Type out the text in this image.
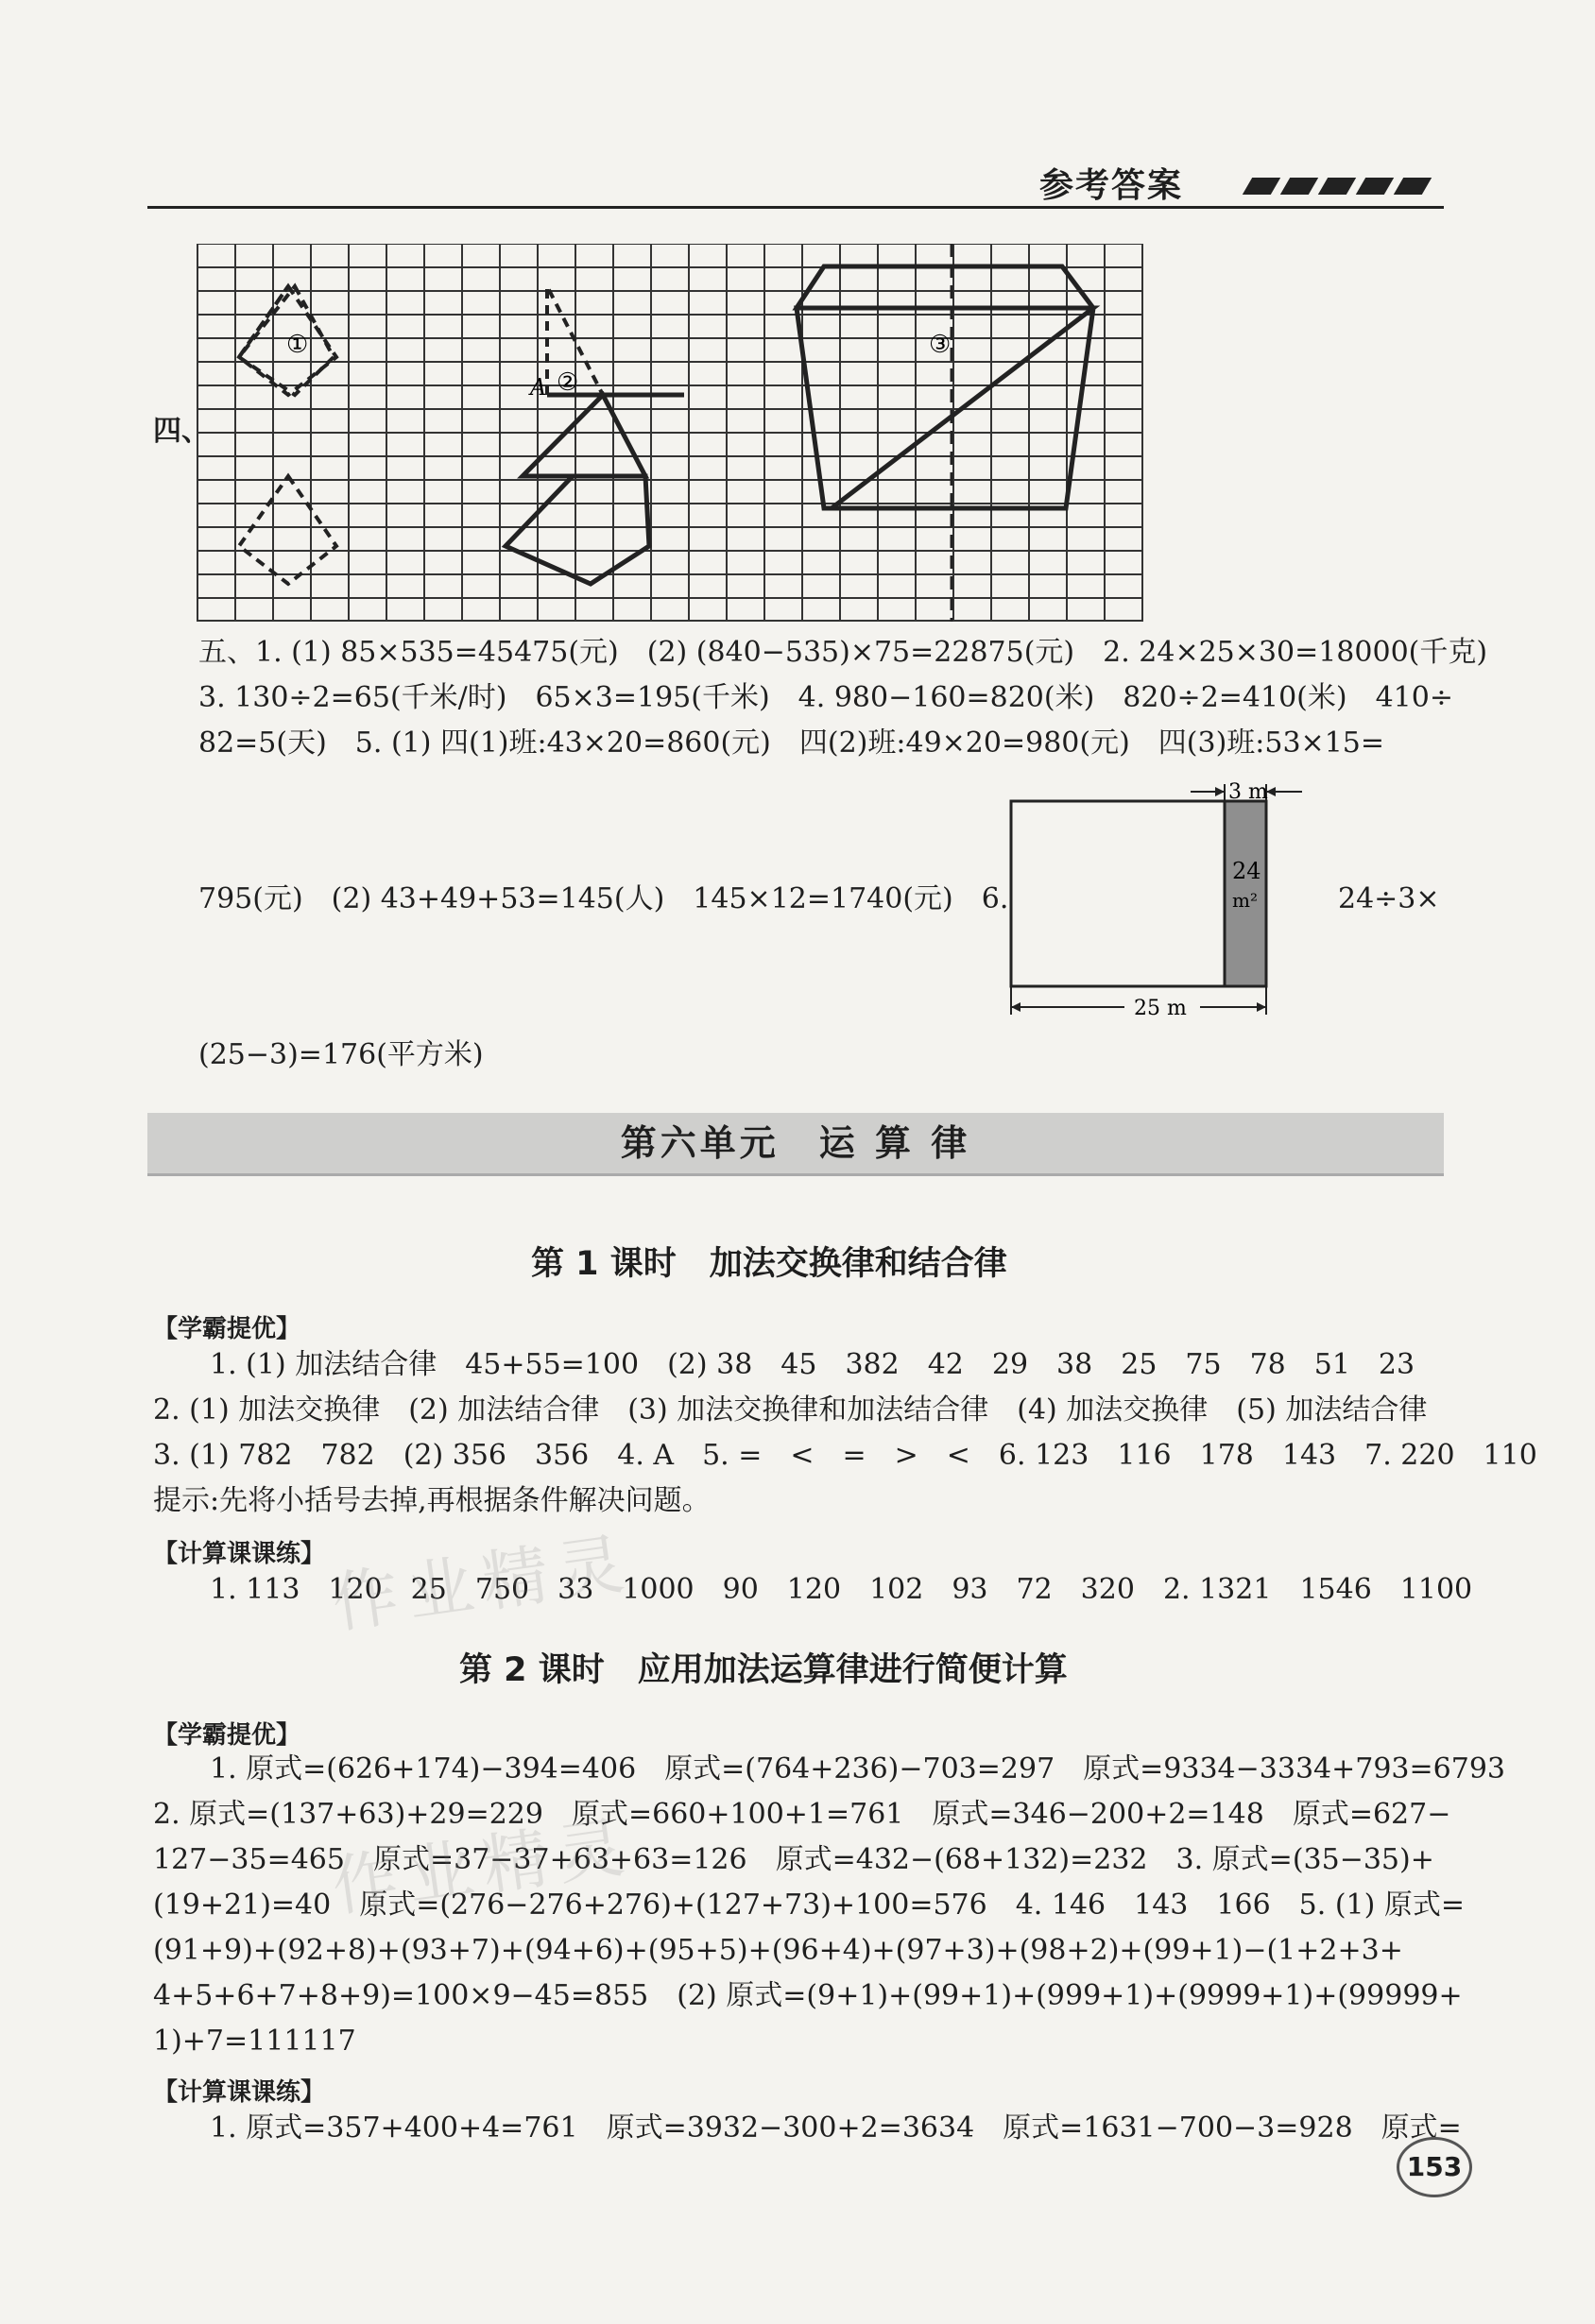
参考答案
四、
①
②
A
③
五、1. (1) 85×535=45475(元)　(2) (840−535)×75=22875(元)　2. 24×25×30=18000(千克)
3. 130÷2=65(千米/时)　65×3=195(千米)　4. 980−160=820(米)　820÷2=410(米)　410÷
82=5(天)　5. (1) 四(1)班:43×20=860(元)　四(2)班:49×20=980(元)　四(3)班:53×15=
795(元)　(2) 43+49+53=145(人)　145×12=1740(元)　6.	24÷3×
(25−3)=176(平方米)
3 m
24
m²
25 m
第六单元　运 算 律
第 1 课时　加法交换律和结合律
【学霸提优】
1. (1) 加法结合律　45+55=100　(2) 38　45　382　42　29　38　25　75　78　51　23
2. (1) 加法交换律　(2) 加法结合律　(3) 加法交换律和加法结合律　(4) 加法交换律　(5) 加法结合律
3. (1) 782　782　(2) 356　356　4. A　5. =　<　=　>　<　6. 123　116　178　143　7. 220　110
提示:先将小括号去掉,再根据条件解决问题。
【计算课课练】
1. 113　120　25　750　33　1000　90　120　102　93　72　320　2. 1321　1546　1100
第 2 课时　应用加法运算律进行简便计算
【学霸提优】
1. 原式=(626+174)−394=406　原式=(764+236)−703=297　原式=9334−3334+793=6793
2. 原式=(137+63)+29=229　原式=660+100+1=761　原式=346−200+2=148　原式=627−
127−35=465　原式=37−37+63+63=126　原式=432−(68+132)=232　3. 原式=(35−35)+
(19+21)=40　原式=(276−276+276)+(127+73)+100=576　4. 146　143　166　5. (1) 原式=
(91+9)+(92+8)+(93+7)+(94+6)+(95+5)+(96+4)+(97+3)+(98+2)+(99+1)−(1+2+3+
4+5+6+7+8+9)=100×9−45=855　(2) 原式=(9+1)+(99+1)+(999+1)+(9999+1)+(99999+
1)+7=111117
【计算课课练】
1. 原式=357+400+4=761　原式=3932−300+2=3634　原式=1631−700−3=928　原式=
作业精灵
作业精灵
153
